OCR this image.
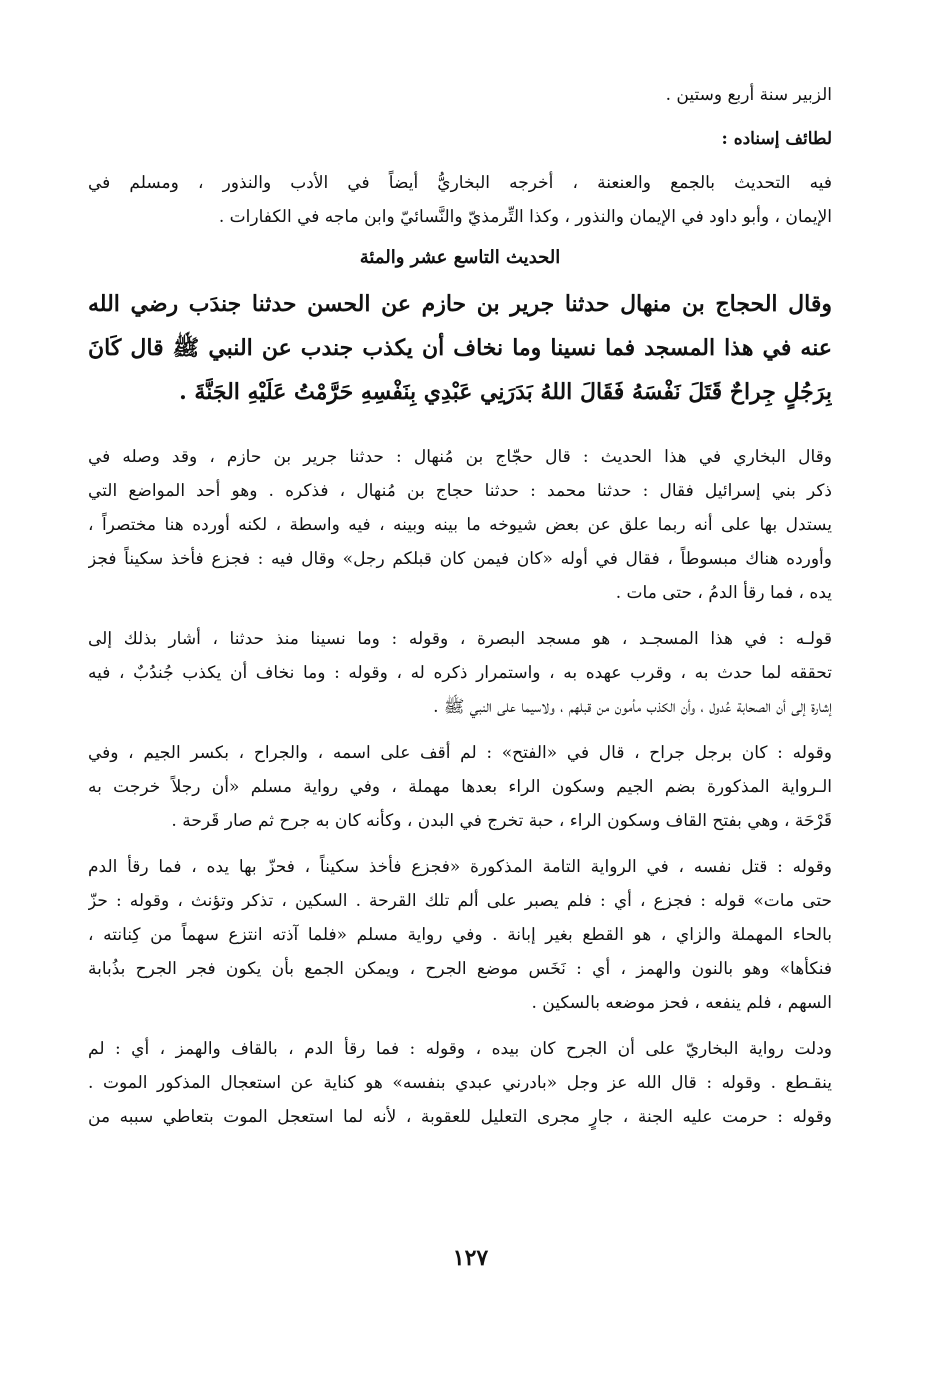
الزبير سنة أربع وستين .
لطائف إسناده :
فيه التحديث بالجمع والعنعنة ، أخرجه البخاريُّ أيضاً في الأدب والنذور ، ومسلم في
الإيمان ، وأبو داود في الإيمان والنذور ، وكذا التِّرمذيّ والنَّسائيّ وابن ماجه في الكفارات .
الحديث التاسع عشر والمئة
وقال الحجاج بن منهال حدثنا جرير بن حازم عن الحسن حدثنا جندَب رضي الله
عنه في هذا المسجد فما نسينا وما نخاف أن يكذب جندب عن النبي ﷺ قال كَانَ
بِرَجُلٍ جِراحٌ قَتَلَ نَفْسَهُ فَقَالَ اللهُ بَدَرَنِي عَبْدِي بِنَفْسِهِ حَرَّمْتُ عَلَيْهِ الجَنَّةَ .
وقال البخاري في هذا الحديث : قال حجّاج بن مُنهال : حدثنا جرير بن حازم ، وقد وصله في
ذكر بني إسرائيل فقال : حدثنا محمد : حدثنا حجاج بن مُنهال ، فذكره . وهو أحد المواضع التي
يستدل بها على أنه ربما علق عن بعض شيوخه ما بينه وبينه ، فيه واسطة ، لكنه أورده هنا مختصراً ،
وأورده هناك مبسوطاً ، فقال في أوله «كان فيمن كان قبلكم رجل» وقال فيه : فجزع فأخذ سكيناً فجز
يده ، فما رقأ الدمُ ، حتى مات .
قولـه : في هذا المسجـد ، هو مسجد البصرة ، وقوله : وما نسينا منذ حدثنا ، أشار بذلك إلى
تحققه لما حدث به ، وقرب عهده به ، واستمرار ذكره له ، وقوله : وما نخاف أن يكذب جُندُبٌ ، فيه
إشارة إلى أن الصحابة عُدول ، وأن الكذب مأمون من قبلهم ، ولاسيما على النبي ﷺ .
وقوله : كان برجل جراح ، قال في «الفتح» : لم أقف على اسمه ، والجراح ، بكسر الجيم ، وفي
الـرواية المذكورة بضم الجيم وسكون الراء بعدها مهملة ، وفي رواية مسلم «أن رجلاً خرجت به
قَرْحَة ، وهي بفتح القاف وسكون الراء ، حبة تخرج في البدن ، وكأنه كان به جرح ثم صار قَرحة .
وقوله : قتل نفسه ، في الرواية التامة المذكورة «فجزع فأخذ سكيناً ، فحزّ بها يده ، فما رقأ الدم
حتى مات» قوله : فجزع ، أي : فلم يصبر على ألم تلك القرحة . السكين ، تذكر وتؤنث ، وقوله : حزّ
بالحاء المهملة والزاي ، هو القطع بغير إبانة . وفي رواية مسلم «فلما آذته انتزع سهماً من كِنانته ،
فنكأها» وهو بالنون والهمز ، أي : نَخَس موضع الجرح ، ويمكن الجمع بأن يكون فجر الجرح بذُبابة
السهم ، فلم ينفعه ، فحز موضعه بالسكين .
ودلت رواية البخاريّ على أن الجرح كان بيده ، وقوله : فما رقأ الدم ، بالقاف والهمز ، أي : لم
ينقـطع . وقوله : قال الله عز وجل «بادرني عبدي بنفسه» هو كناية عن استعجال المذكور الموت .
وقوله : حرمت عليه الجنة ، جارٍ مجرى التعليل للعقوبة ، لأنه لما استعجل الموت بتعاطي سببه من
١٢٧
